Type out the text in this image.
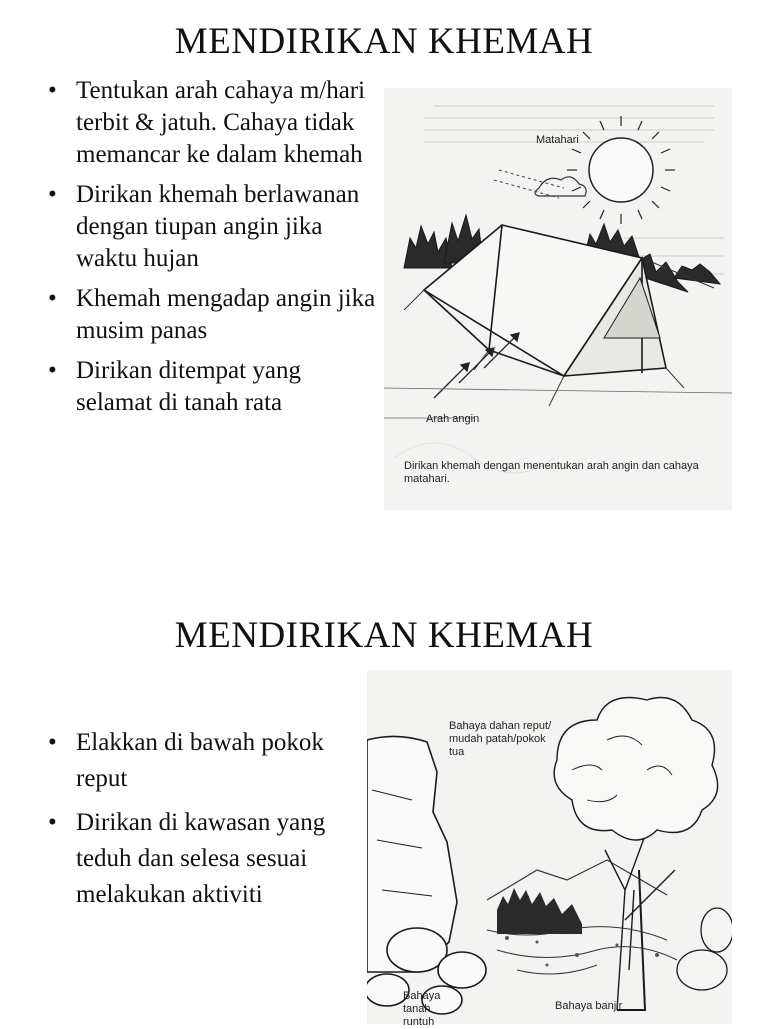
MENDIRIKAN KHEMAH
• Tentukan arah cahaya m/hari terbit & jatuh. Cahaya tidak memancar ke dalam khemah
• Dirikan khemah berlawanan dengan tiupan angin jika waktu hujan
• Khemah mengadap angin jika musim panas
• Dirikan ditempat yang selamat di tanah rata
Matahari
Arah angin
Dirikan khemah dengan menentukan arah angin dan cahaya matahari.
MENDIRIKAN KHEMAH
• Elakkan di bawah pokok reput
• Dirikan di kawasan yang teduh dan selesa sesuai melakukan aktiviti
Bahaya dahan reput/ mudah patah/pokok tua
Bahaya tanah runtuh
Bahaya banjir
